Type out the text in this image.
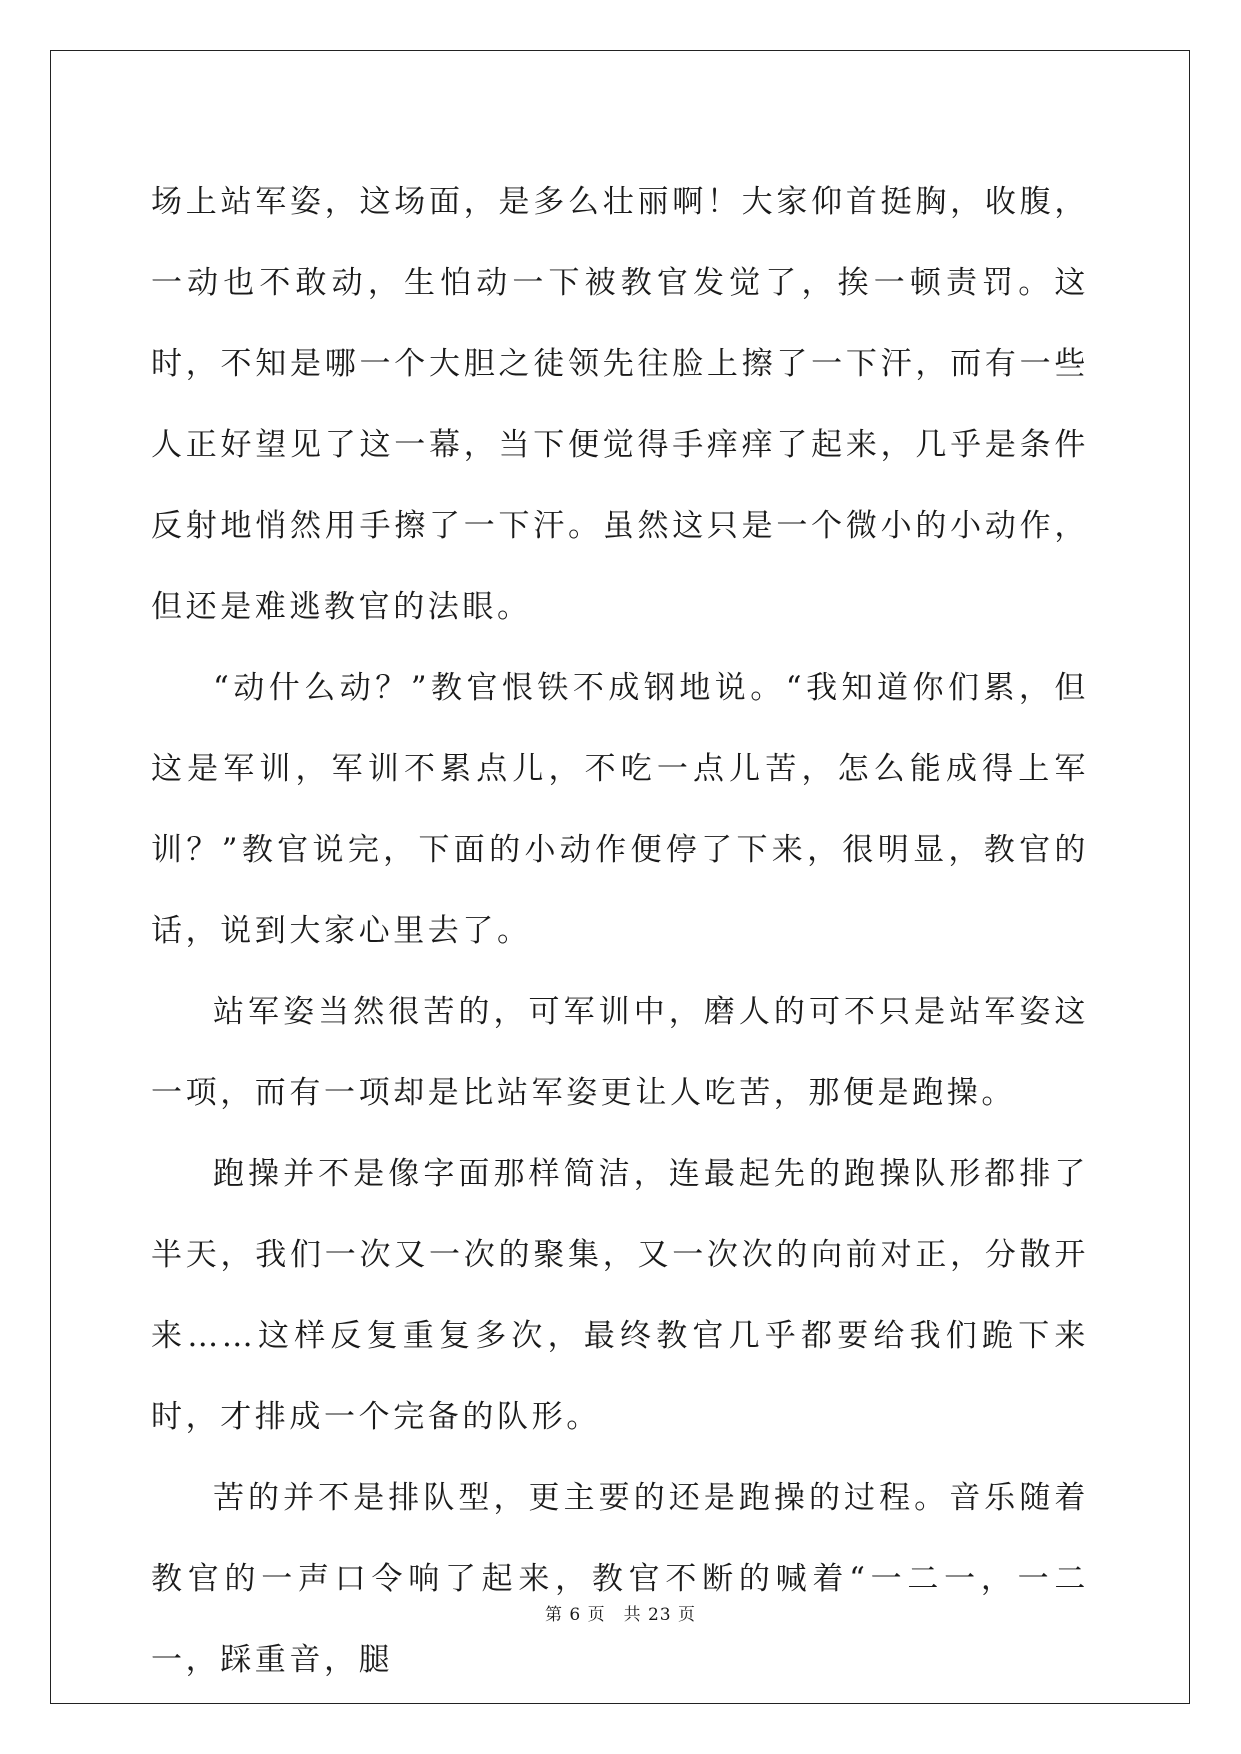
场上站军姿，这场面，是多么壮丽啊！大家仰首挺胸，收腹，一动也不敢动，生怕动一下被教官发觉了，挨一顿责罚。这时，不知是哪一个大胆之徒领先往脸上擦了一下汗，而有一些人正好望见了这一幕，当下便觉得手痒痒了起来，几乎是条件反射地悄然用手擦了一下汗。虽然这只是一个微小的小动作，但还是难逃教官的法眼。

“动什么动？”教官恨铁不成钢地说。“我知道你们累，但这是军训，军训不累点儿，不吃一点儿苦，怎么能成得上军训？”教官说完，下面的小动作便停了下来，很明显，教官的话，说到大家心里去了。

站军姿当然很苦的，可军训中，磨人的可不只是站军姿这一项，而有一项却是比站军姿更让人吃苦，那便是跑操。

跑操并不是像字面那样简洁，连最起先的跑操队形都排了半天，我们一次又一次的聚集，又一次次的向前对正，分散开来……这样反复重复多次，最终教官几乎都要给我们跪下来时，才排成一个完备的队形。

苦的并不是排队型，更主要的还是跑操的过程。音乐随着教官的一声口令响了起来，教官不断的喊着“一二一，一二一，踩重音，腿

第 6 页 共 23 页
